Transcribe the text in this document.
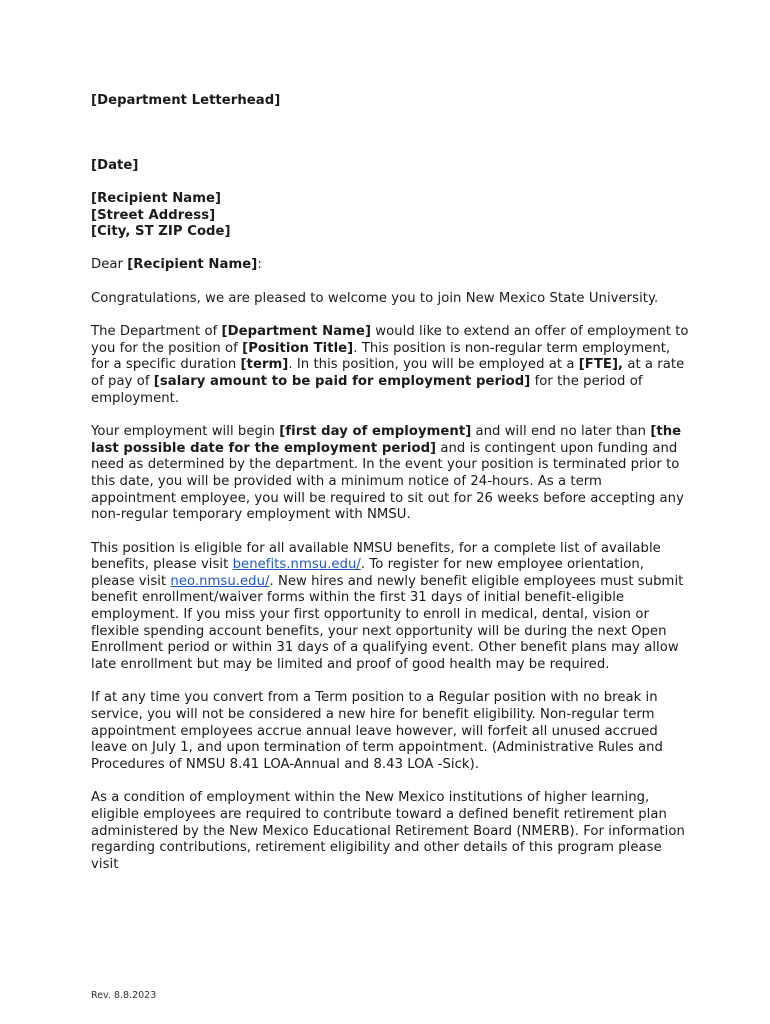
[Department Letterhead]

[Date]

[Recipient Name]

[Street Address]

[City, ST ZIP Code]

Dear [Recipient Name]:

Congratulations, we are pleased to welcome you to join New Mexico State University.

The Department of [Department Name] would like to extend an offer of employment to you for the position of [Position Title]. This position is non-regular term employment, for a specific duration [term]. In this position, you will be employed at a [FTE], at a rate of pay of [salary amount to be paid for employment period] for the period of employment.

Your employment will begin [first day of employment] and will end no later than [the last possible date for the employment period] and is contingent upon funding and need as determined by the department. In the event your position is terminated prior to this date, you will be provided with a minimum notice of 24-hours. As a term appointment employee, you will be required to sit out for 26 weeks before accepting any non-regular temporary employment with NMSU.

This position is eligible for all available NMSU benefits, for a complete list of available benefits, please visit benefits.nmsu.edu/. To register for new employee orientation, please visit neo.nmsu.edu/. New hires and newly benefit eligible employees must submit benefit enrollment/waiver forms within the first 31 days of initial benefit-eligible employment. If you miss your first opportunity to enroll in medical, dental, vision or flexible spending account benefits, your next opportunity will be during the next Open Enrollment period or within 31 days of a qualifying event. Other benefit plans may allow late enrollment but may be limited and proof of good health may be required.

If at any time you convert from a Term position to a Regular position with no break in service, you will not be considered a new hire for benefit eligibility. Non-regular term appointment employees accrue annual leave however, will forfeit all unused accrued leave on July 1, and upon termination of term appointment. (Administrative Rules and Procedures of NMSU 8.41 LOA-Annual and 8.43 LOA -Sick).

As a condition of employment within the New Mexico institutions of higher learning, eligible employees are required to contribute toward a defined benefit retirement plan administered by the New Mexico Educational Retirement Board (NMERB). For information regarding contributions, retirement eligibility and other details of this program please visit

Rev. 8.8.2023
